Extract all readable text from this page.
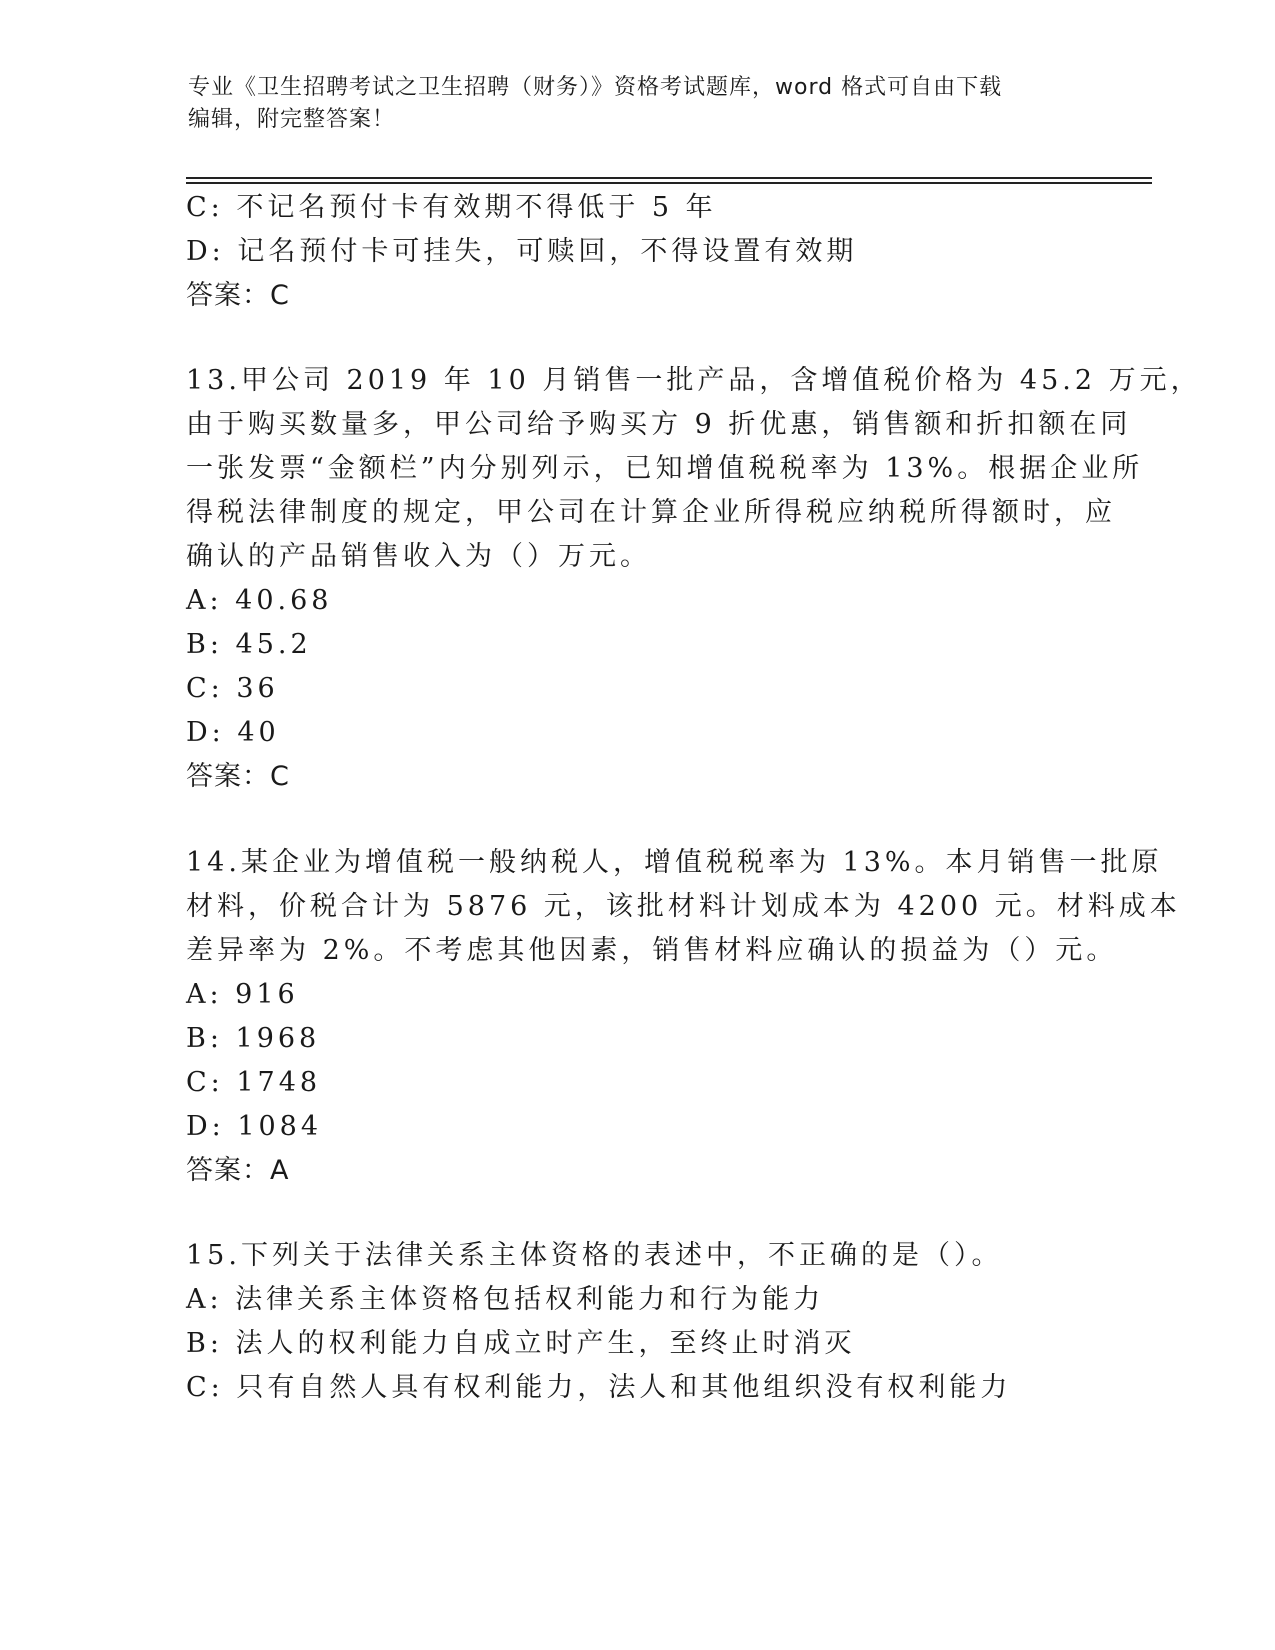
专业《卫生招聘考试之卫生招聘（财务）》资格考试题库，word 格式可自由下载
编辑，附完整答案！
C: 不记名预付卡有效期不得低于 5 年
D: 记名预付卡可挂失，可赎回，不得设置有效期
答案：C
13.甲公司 2019 年 10 月销售一批产品，含增值税价格为 45.2 万元，
由于购买数量多，甲公司给予购买方 9 折优惠，销售额和折扣额在同
一张发票“金额栏”内分别列示，已知增值税税率为 13%。根据企业所
得税法律制度的规定，甲公司在计算企业所得税应纳税所得额时，应
确认的产品销售收入为（）万元。
A: 40.68
B: 45.2
C: 36
D: 40
答案：C
14.某企业为增值税一般纳税人，增值税税率为 13%。本月销售一批原
材料，价税合计为 5876 元，该批材料计划成本为 4200 元。材料成本
差异率为 2%。不考虑其他因素，销售材料应确认的损益为（）元。
A: 916
B: 1968
C: 1748
D: 1084
答案：A
15.下列关于法律关系主体资格的表述中，不正确的是（）。
A: 法律关系主体资格包括权利能力和行为能力
B: 法人的权利能力自成立时产生，至终止时消灭
C: 只有自然人具有权利能力，法人和其他组织没有权利能力
